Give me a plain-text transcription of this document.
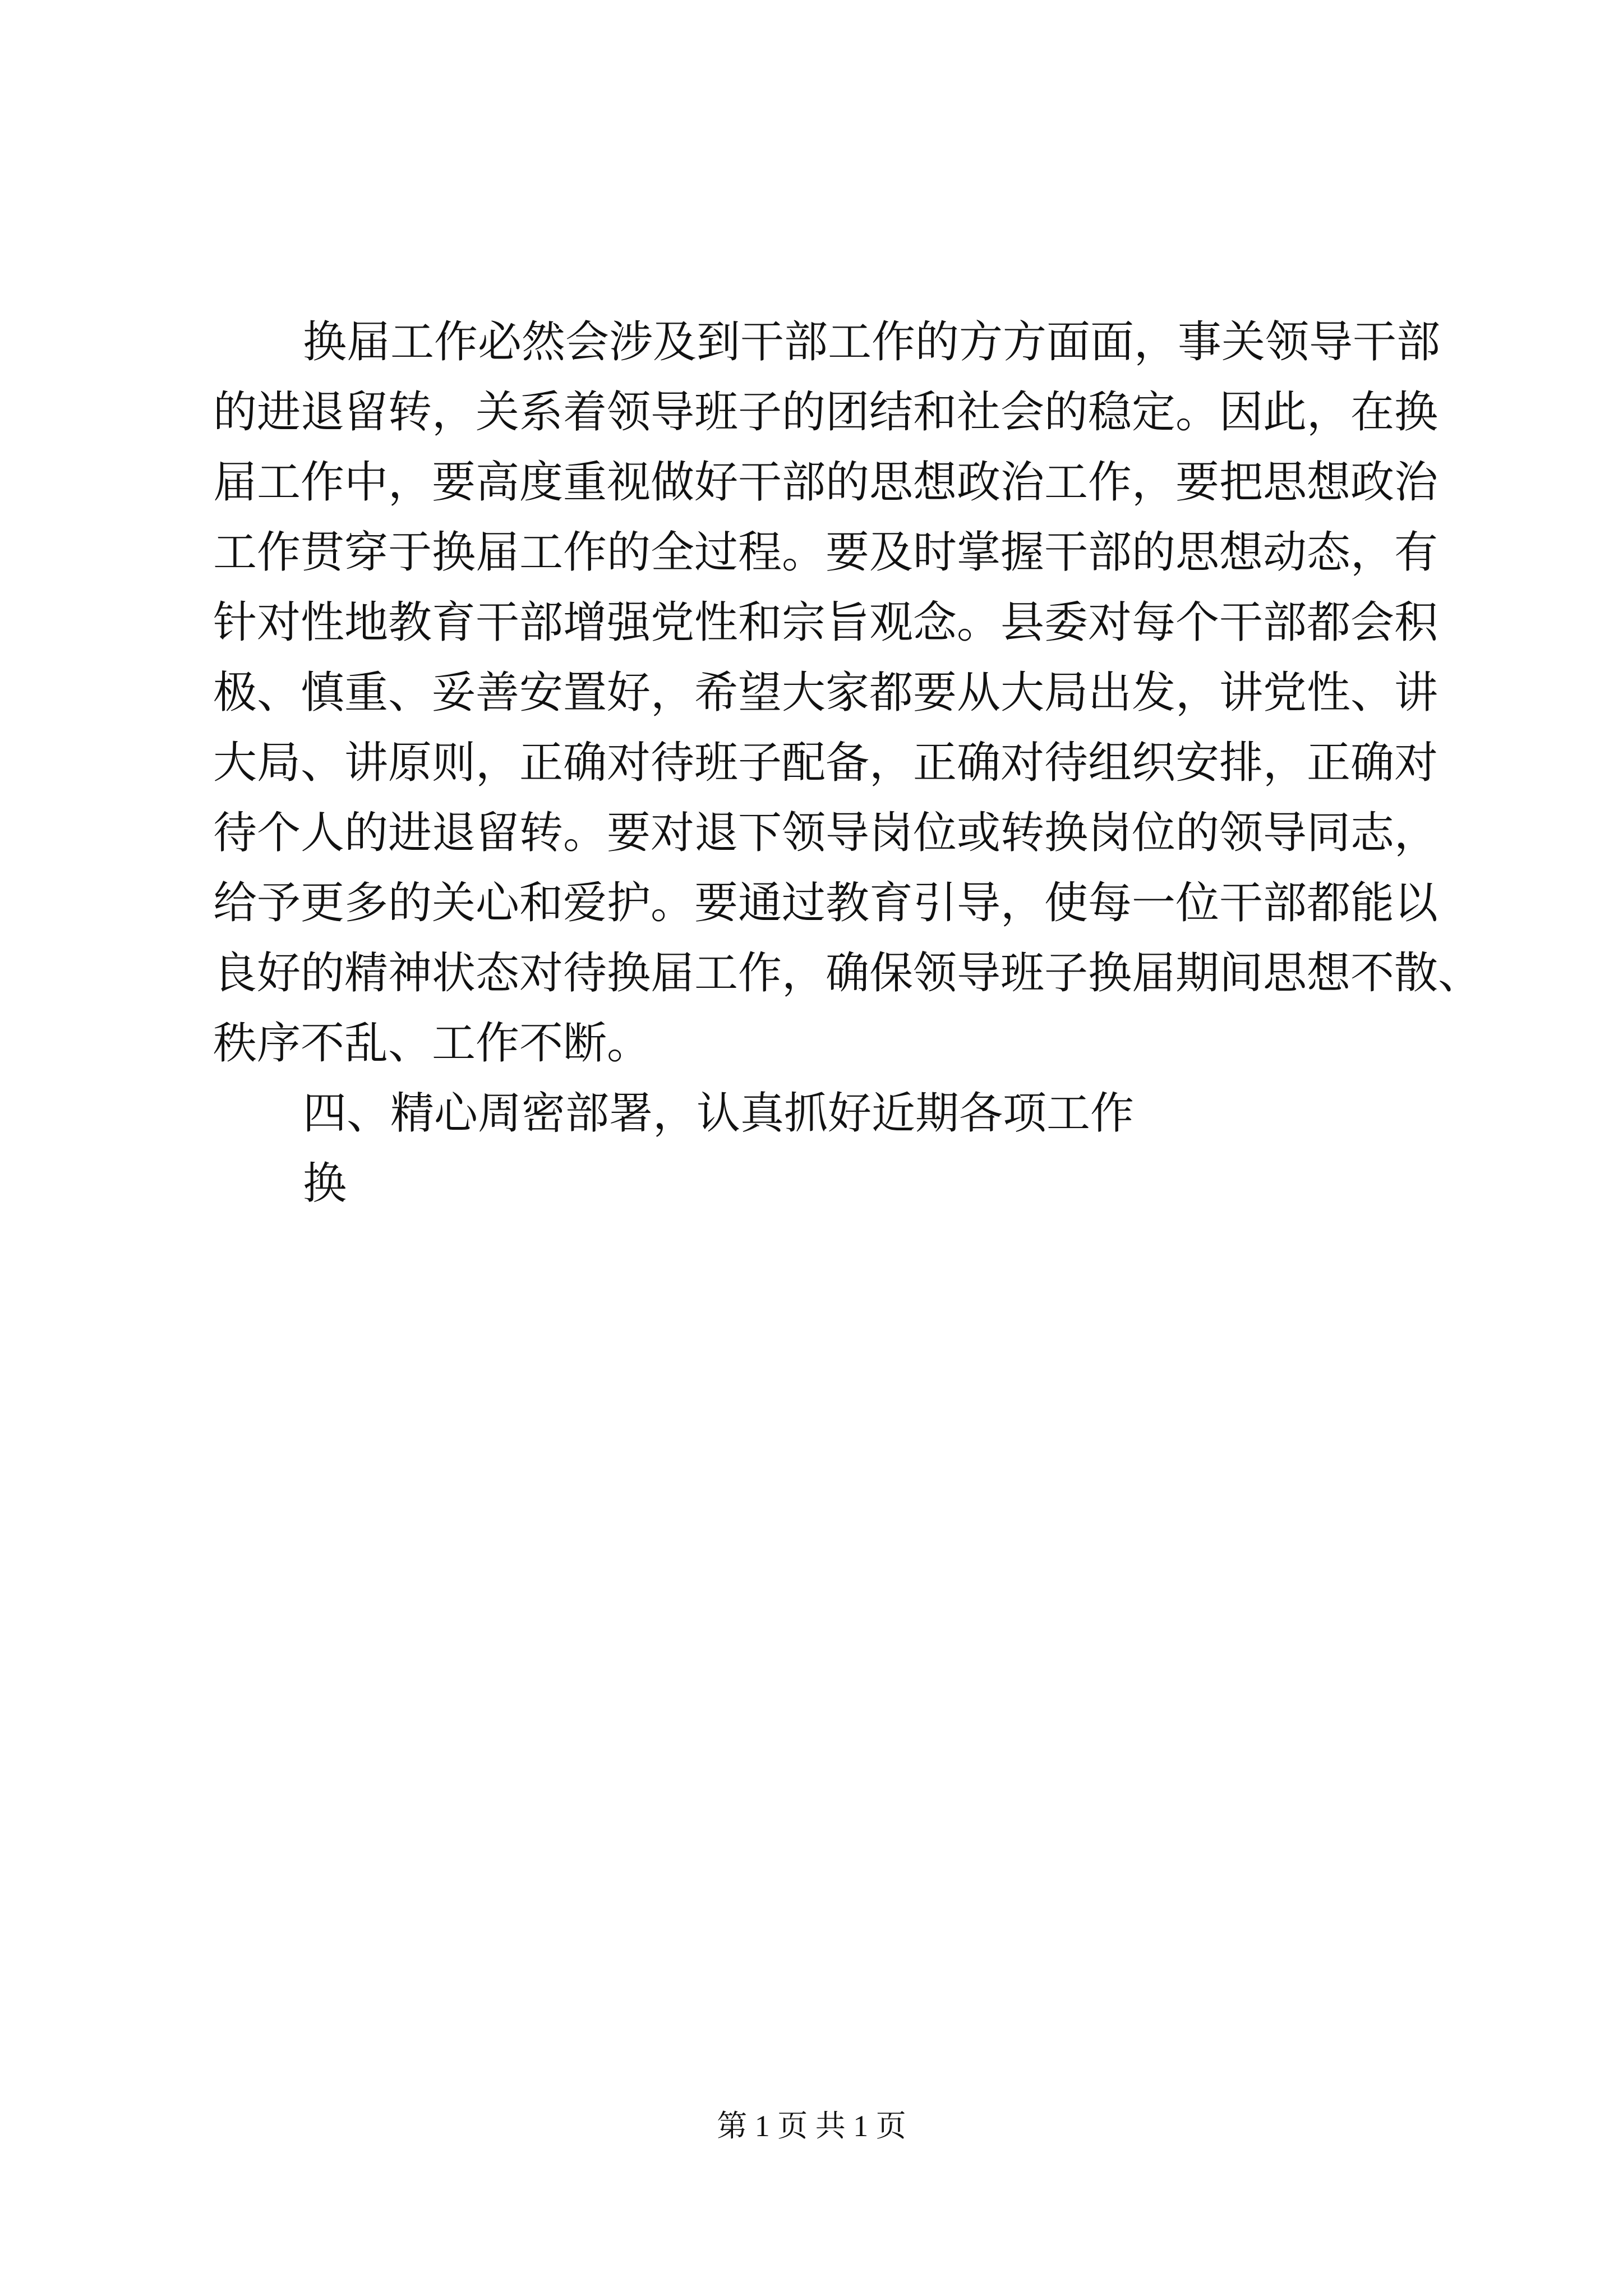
换届工作必然会涉及到干部工作的方方面面，事关领导干部
的进退留转，关系着领导班子的团结和社会的稳定。因此，在换
届工作中，要高度重视做好干部的思想政治工作，要把思想政治
工作贯穿于换届工作的全过程。要及时掌握干部的思想动态，有
针对性地教育干部增强党性和宗旨观念。县委对每个干部都会积
极、慎重、妥善安置好，希望大家都要从大局出发，讲党性、讲
大局、讲原则，正确对待班子配备，正确对待组织安排，正确对
待个人的进退留转。要对退下领导岗位或转换岗位的领导同志，
给予更多的关心和爱护。要通过教育引导，使每一位干部都能以
良好的精神状态对待换届工作，确保领导班子换届期间思想不散、
秩序不乱、工作不断。
四、精心周密部署，认真抓好近期各项工作
换
第 1 页 共 1 页
